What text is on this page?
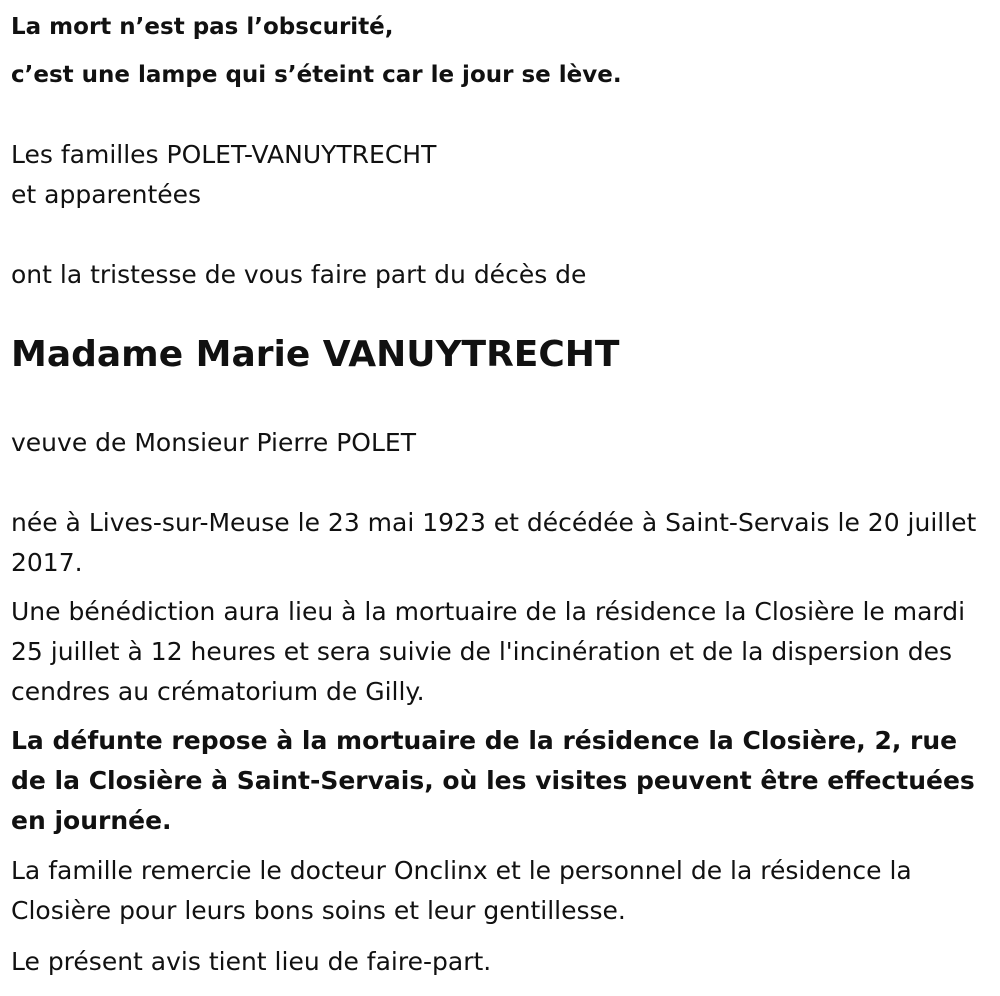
La mort n’est pas l’obscurité,

c’est une lampe qui s’éteint car le jour se lève.

Les familles POLET-VANUYTRECHT

et apparentées

ont la tristesse de vous faire part du décès de

Madame Marie VANUYTRECHT

veuve de Monsieur Pierre POLET

née à Lives-sur-Meuse le 23 mai 1923 et décédée à Saint-Servais le 20 juillet 2017.

Une bénédiction aura lieu à la mortuaire de la résidence la Closière le mardi 25 juillet à 12 heures et sera suivie de l'incinération et de la dispersion des cendres au crématorium de Gilly.

La défunte repose à la mortuaire de la résidence la Closière, 2, rue de la Closière à Saint-Servais, où les visites peuvent être effectuées en journée.

La famille remercie le docteur Onclinx et le personnel de la résidence la Closière pour leurs bons soins et leur gentillesse.

Le présent avis tient lieu de faire-part.
